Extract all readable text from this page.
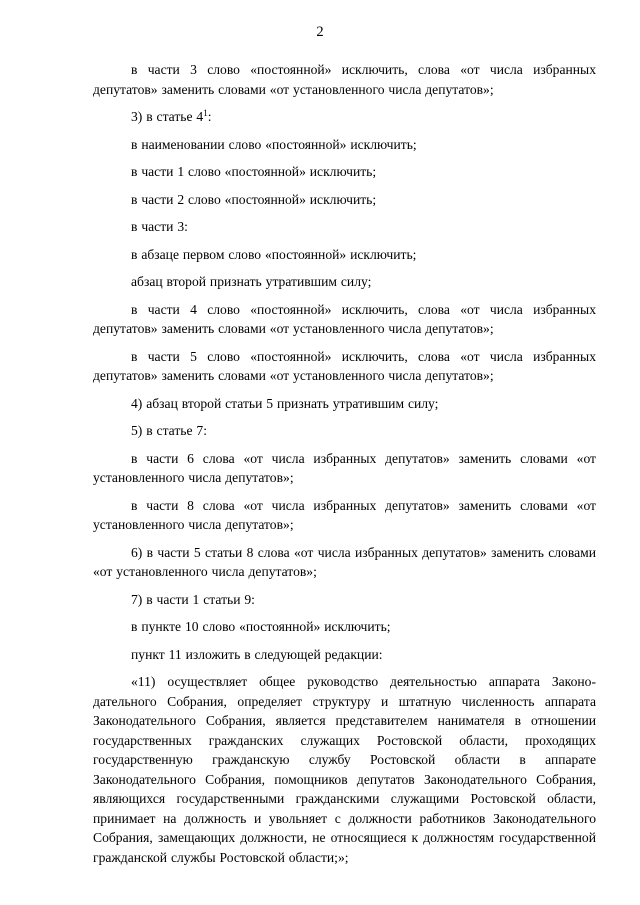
2

в части 3 слово «постоянной» исключить, слова «от числа избранных депутатов» заменить словами «от установленного числа депутатов»;

3) в статье $4^1$:

в наименовании слово «постоянной» исключить;

в части 1 слово «постоянной» исключить;

в части 2 слово «постоянной» исключить;

в части 3:

в абзаце первом слово «постоянной» исключить;

абзац второй признать утратившим силу;

в части 4 слово «постоянной» исключить, слова «от числа избранных депутатов» заменить словами «от установленного числа депутатов»;

в части 5 слово «постоянной» исключить, слова «от числа избранных депутатов» заменить словами «от установленного числа депутатов»;

4) абзац второй статьи 5 признать утратившим силу;

5) в статье 7:

в части 6 слова «от числа избранных депутатов» заменить словами «от установленного числа депутатов»;

в части 8 слова «от числа избранных депутатов» заменить словами «от установленного числа депутатов»;

6) в части 5 статьи 8 слова «от числа избранных депутатов» заменить словами «от установленного числа депутатов»;

7) в части 1 статьи 9:

в пункте 10 слово «постоянной» исключить;

пункт 11 изложить в следующей редакции:

«11) осуществляет общее руководство деятельностью аппарата Законодательного Собрания, определяет структуру и штатную численность аппарата Законодательного Собрания, является представителем нанимателя в отношении государственных гражданских служащих Ростовской области, проходящих государственную гражданскую службу Ростовской области в аппарате Законодательного Собрания, помощников депутатов Законодательного Собрания, являющихся государственными гражданскими служащими Ростовской области, принимает на должность и увольняет с должности работников Законодательного Собрания, замещающих должности, не относящиеся к должностям государственной гражданской службы Ростовской области;»;
